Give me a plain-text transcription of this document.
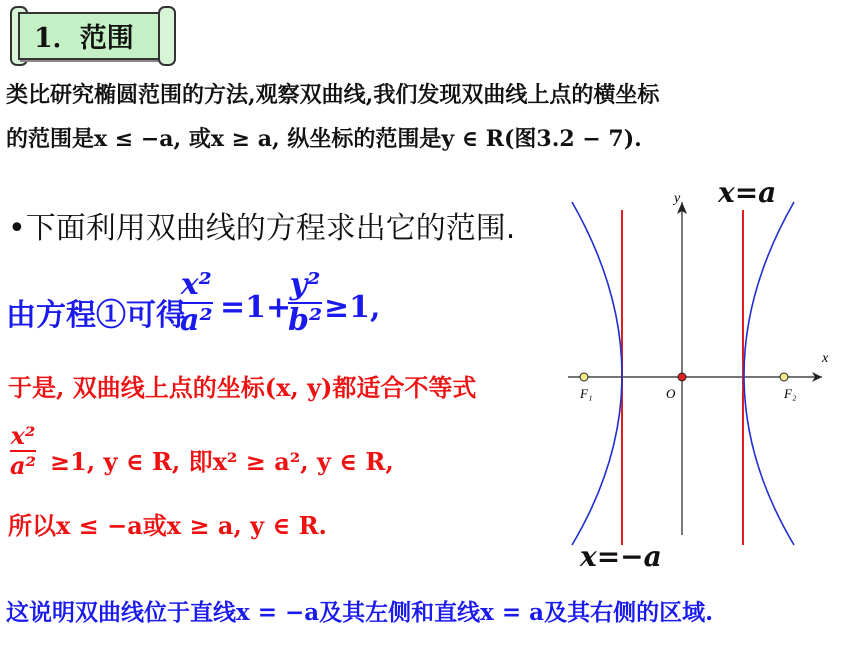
1．范围
类比研究椭圆范围的方法,观察双曲线,我们发现双曲线上点的横坐标
的范围是x ≤ −a, 或x ≥ a, 纵坐标的范围是y ∈ R(图3.2 − 7).
•下面利用双曲线的方程求出它的范围.
由方程①可得
x²
a² =1+
y²
b² ≥1,
于是, 双曲线上点的坐标(x, y)都适合不等式
x²
a² ≥1, y ∈ R, 即x² ≥ a², y ∈ R,
所以x ≤ −a或x ≥ a, y ∈ R.
这说明双曲线位于直线x = −a及其左侧和直线x = a及其右侧的区域.
x
y
O
F₁	F₂
x=a
x=−a
